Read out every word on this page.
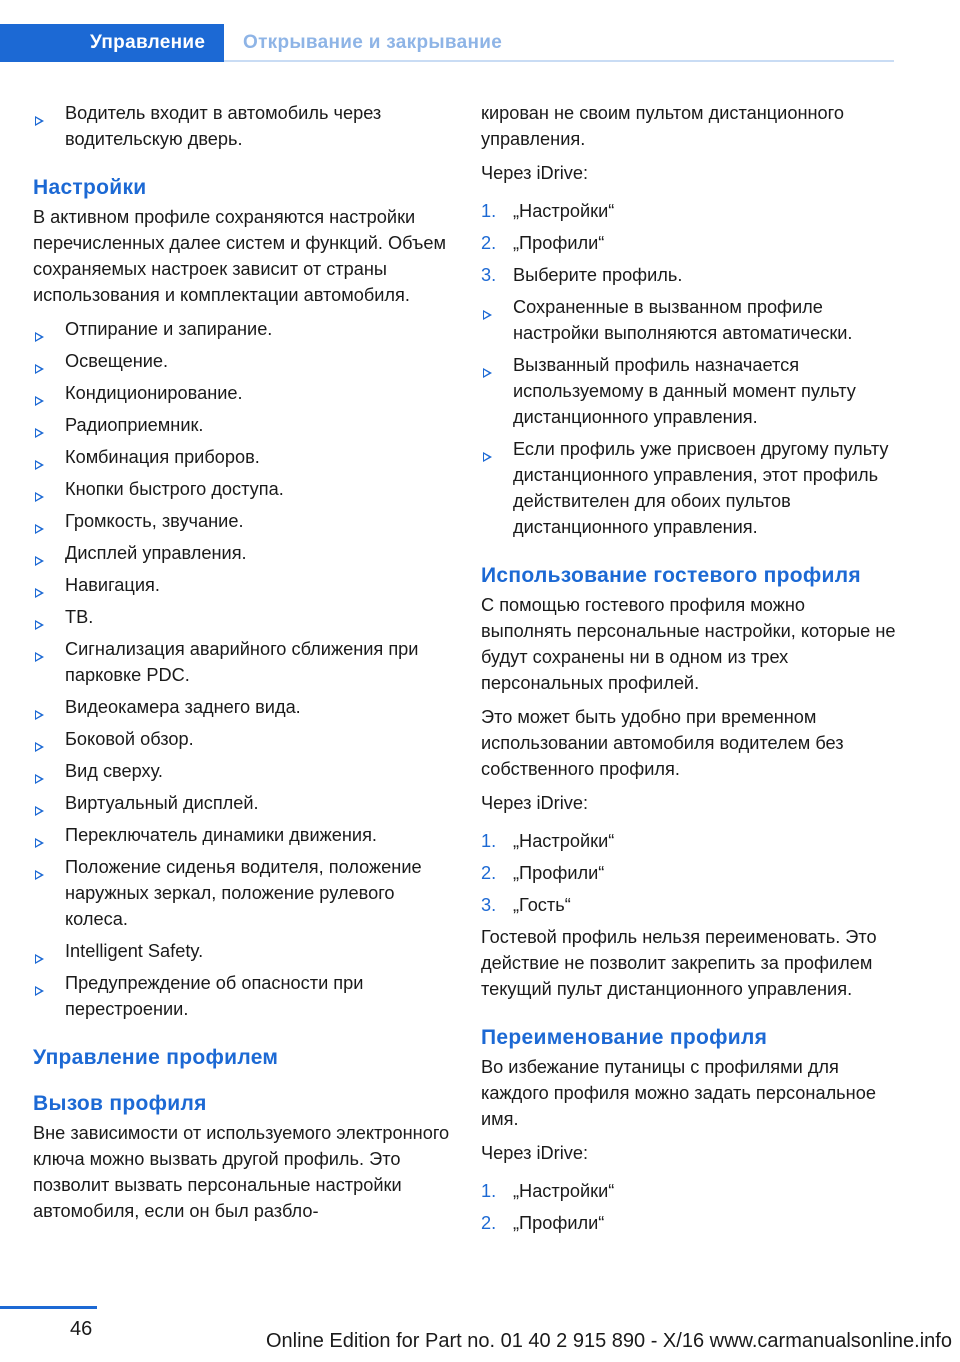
Управление Открывание и закрывание
Водитель входит в автомобиль через водительскую дверь.
Настройки

В активном профиле сохраняются настройки перечисленных далее систем и функций. Объем сохраняемых настроек зависит от страны использования и комплектации автомобиля.

Отпирание и запирание.
Освещение.
Кондиционирование.
Радиоприемник.
Комбинация приборов.
Кнопки быстрого доступа.
Громкость, звучание.
Дисплей управления.
Навигация.
ТВ.
Сигнализация аварийного сближения при парковке PDC.
Видеокамера заднего вида.
Боковой обзор.
Вид сверху.
Виртуальный дисплей.
Переключатель динамики движения.
Положение сиденья водителя, положение наружных зеркал, положение рулевого колеса.
Intelligent Safety.
Предупреждение об опасности при перестроении.
Управление профилем
Вызов профиля

Вне зависимости от используемого электронного ключа можно вызвать другой профиль. Это позволит вызвать персональные настройки автомобиля, если он был разбло-

кирован не своим пультом дистанционного управления.

Через iDrive:

1. „Настройки“
2. „Профили“
3. Выберите профиль.
Сохраненные в вызванном профиле настройки выполняются автоматически.
Вызванный профиль назначается используемому в данный момент пульту дистанционного управления.
Если профиль уже присвоен другому пульту дистанционного управления, этот профиль действителен для обоих пультов дистанционного управления.
Использование гостевого профиля

С помощью гостевого профиля можно выполнять персональные настройки, которые не будут сохранены ни в одном из трех персональных профилей.

Это может быть удобно при временном использовании автомобиля водителем без собственного профиля.

Через iDrive:

1. „Настройки“
2. „Профили“
3. „Гость“

Гостевой профиль нельзя переименовать. Это действие не позволит закрепить за профилем текущий пульт дистанционного управления.

Переименование профиля

Во избежание путаницы с профилями для каждого профиля можно задать персональное имя.

Через iDrive:

1. „Настройки“
2. „Профили“
46
Online Edition for Part no. 01 40 2 915 890 - X/16 www.carmanualsonline.info
